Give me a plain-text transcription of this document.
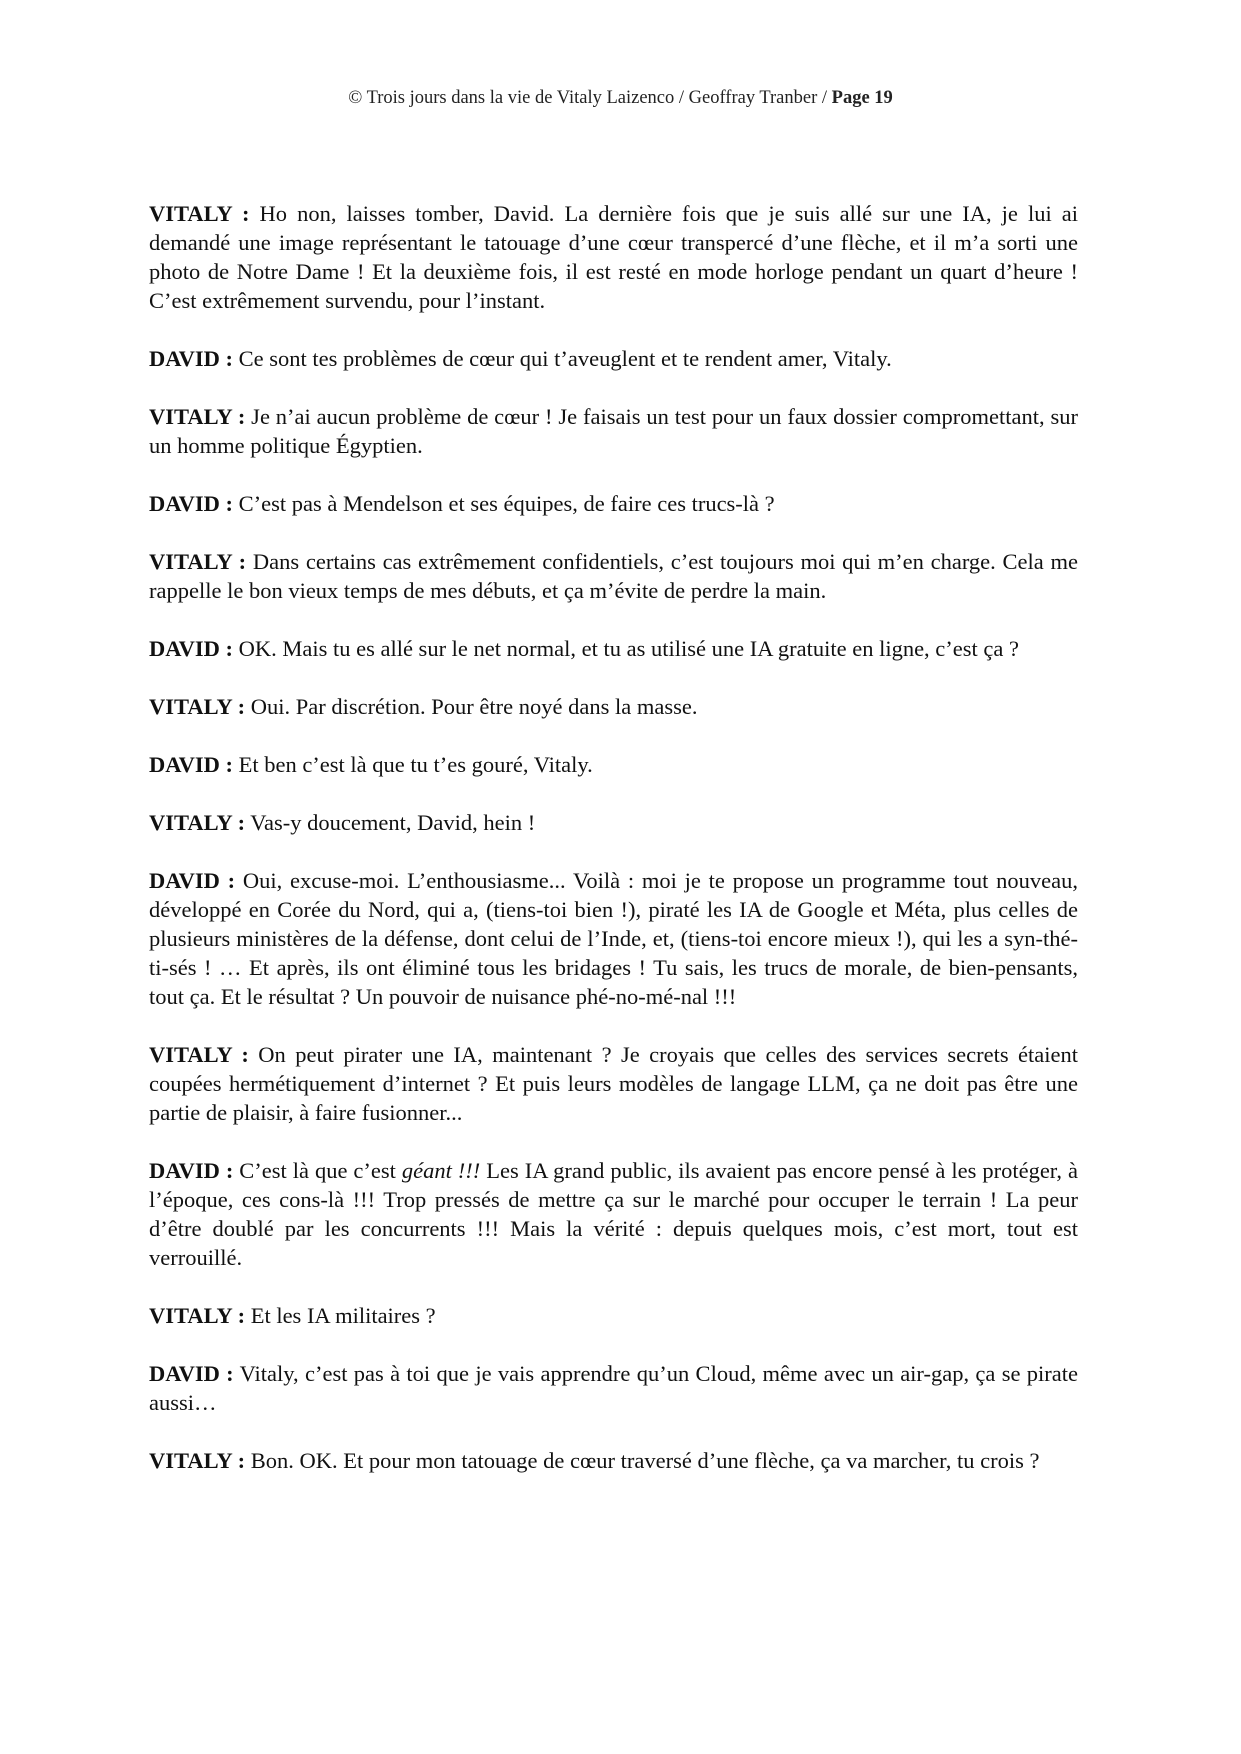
© Trois jours dans la vie de Vitaly Laizenco / Geoffray Tranber / Page 19

VITALY : Ho non, laisses tomber, David. La dernière fois que je suis allé sur une IA, je lui ai demandé une image représentant le tatouage d’une cœur transpercé d’une flèche, et il m’a sorti une photo de Notre Dame ! Et la deuxième fois, il est resté en mode horloge pendant un quart d’heure ! C’est extrêmement survendu, pour l’instant.

DAVID : Ce sont tes problèmes de cœur qui t’aveuglent et te rendent amer, Vitaly.

VITALY : Je n’ai aucun problème de cœur ! Je faisais un test pour un faux dossier compromettant, sur un homme politique Égyptien.

DAVID : C’est pas à Mendelson et ses équipes, de faire ces trucs-là ?

VITALY : Dans certains cas extrêmement confidentiels, c’est toujours moi qui m’en charge. Cela me rappelle le bon vieux temps de mes débuts, et ça m’évite de perdre la main.

DAVID : OK. Mais tu es allé sur le net normal, et tu as utilisé une IA gratuite en ligne, c’est ça ?

VITALY : Oui. Par discrétion. Pour être noyé dans la masse.

DAVID : Et ben c’est là que tu t’es gouré, Vitaly.

VITALY : Vas-y doucement, David, hein !

DAVID : Oui, excuse-moi. L’enthousiasme... Voilà : moi je te propose un programme tout nouveau, développé en Corée du Nord, qui a, (tiens-toi bien !), piraté les IA de Google et Méta, plus celles de plusieurs ministères de la défense, dont celui de l’Inde, et, (tiens-toi encore mieux !), qui les a syn-thé-ti-sés ! … Et après, ils ont éliminé tous les bridages ! Tu sais, les trucs de morale, de bien-pensants, tout ça. Et le résultat ? Un pouvoir de nuisance phé-no-mé-nal !!!

VITALY : On peut pirater une IA, maintenant ? Je croyais que celles des services secrets étaient coupées hermétiquement d’internet ? Et puis leurs modèles de langage LLM, ça ne doit pas être une partie de plaisir, à faire fusionner...

DAVID : C’est là que c’est géant !!! Les IA grand public, ils avaient pas encore pensé à les protéger, à l’époque, ces cons-là !!! Trop pressés de mettre ça sur le marché pour occuper le terrain ! La peur d’être doublé par les concurrents !!! Mais la vérité : depuis quelques mois, c’est mort, tout est verrouillé.

VITALY : Et les IA militaires ?

DAVID : Vitaly, c’est pas à toi que je vais apprendre qu’un Cloud, même avec un air-gap, ça se pirate aussi…

VITALY : Bon. OK. Et pour mon tatouage de cœur traversé d’une flèche, ça va marcher, tu crois ?
